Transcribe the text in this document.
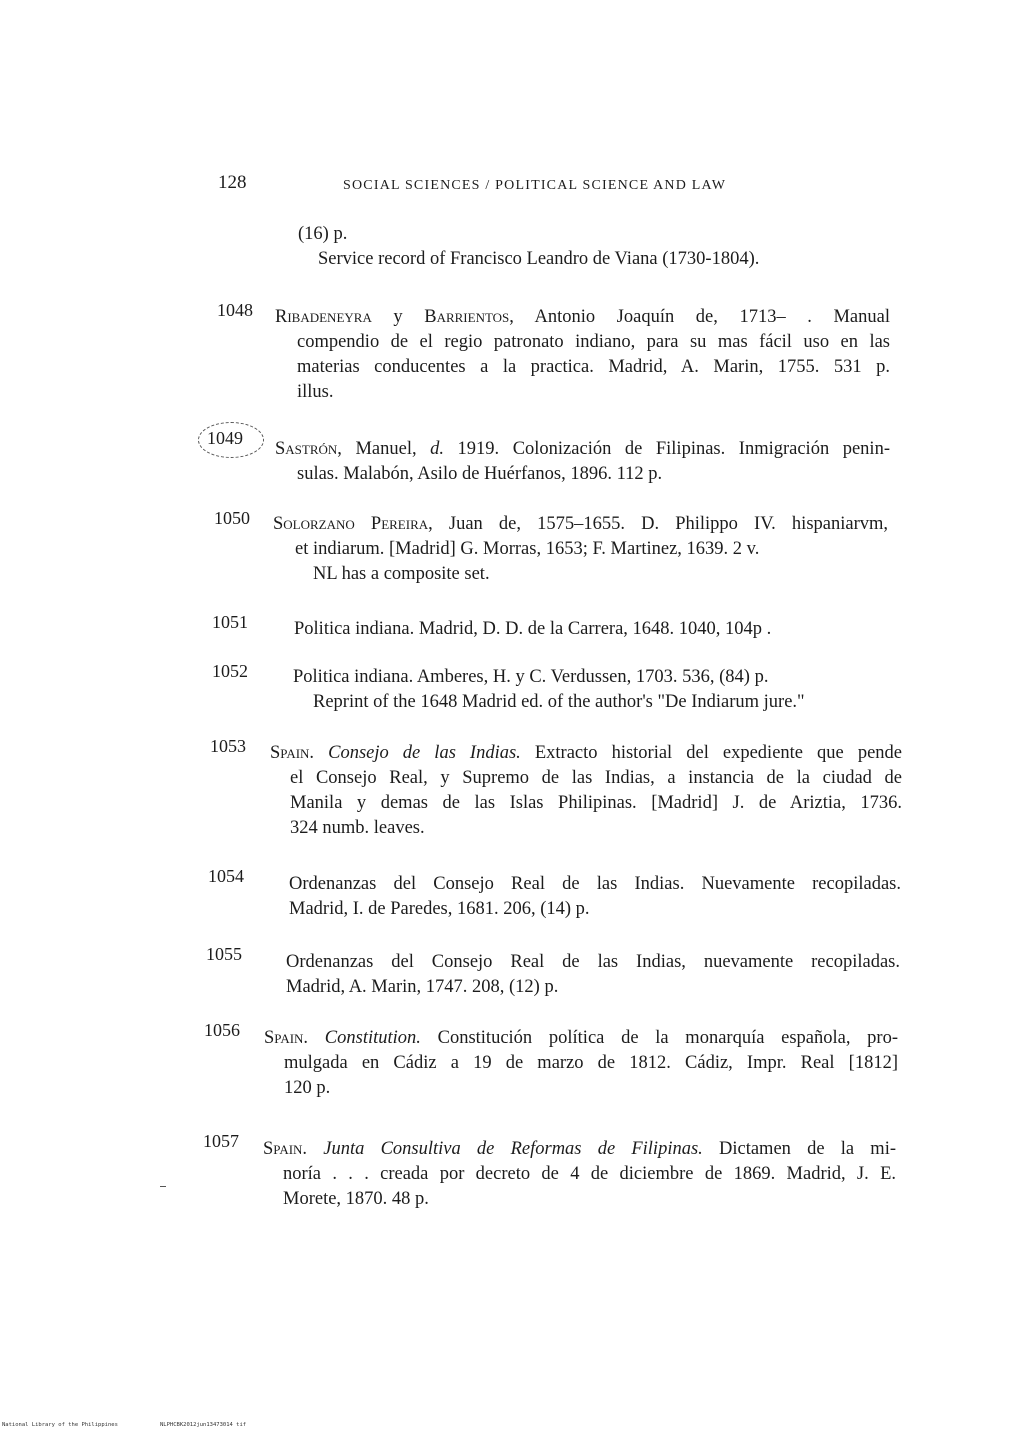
128	SOCIAL SCIENCES / POLITICAL SCIENCE AND LAW
(16) p.
Service record of Francisco Leandro de Viana (1730-1804).
1048 Ribadeneyra y Barrientos, Antonio Joaquín de, 1713– . Manual
compendio de el regio patronato indiano, para su mas fácil uso en las
materias conducentes a la practica. Madrid, A. Marin, 1755. 531 p.
illus.
1049
Sastrón, Manuel, d. 1919. Colonización de Filipinas. Inmigración penin-
sulas. Malabón, Asilo de Huérfanos, 1896. 112 p.
1050 Solorzano Pereira, Juan de, 1575–1655. D. Philippo IV. hispaniarvm,
et indiarum. [Madrid] G. Morras, 1653; F. Martinez, 1639. 2 v.
NL has a composite set.
1051 Politica indiana. Madrid, D. D. de la Carrera, 1648. 1040, 104p .
1052 Politica indiana. Amberes, H. y C. Verdussen, 1703. 536, (84) p.
Reprint of the 1648 Madrid ed. of the author's "De Indiarum jure."
1053 Spain. Consejo de las Indias. Extracto historial del expediente que pende
el Consejo Real, y Supremo de las Indias, a instancia de la ciudad de
Manila y demas de las Islas Philipinas. [Madrid] J. de Ariztia, 1736.
324 numb. leaves.
1054 Ordenanzas del Consejo Real de las Indias. Nuevamente recopiladas.
Madrid, I. de Paredes, 1681. 206, (14) p.
1055 Ordenanzas del Consejo Real de las Indias, nuevamente recopiladas.
Madrid, A. Marin, 1747. 208, (12) p.
1056 Spain. Constitution. Constitución política de la monarquía española, pro-
mulgada en Cádiz a 19 de marzo de 1812. Cádiz, Impr. Real [1812]
120 p.
1057 Spain. Junta Consultiva de Reformas de Filipinas. Dictamen de la mi-
noría . . . creada por decreto de 4 de diciembre de 1869. Madrid, J. E.
Morete, 1870. 48 p.
National Library of the Philippines	NLPHCBK2012jun13473014 tif
